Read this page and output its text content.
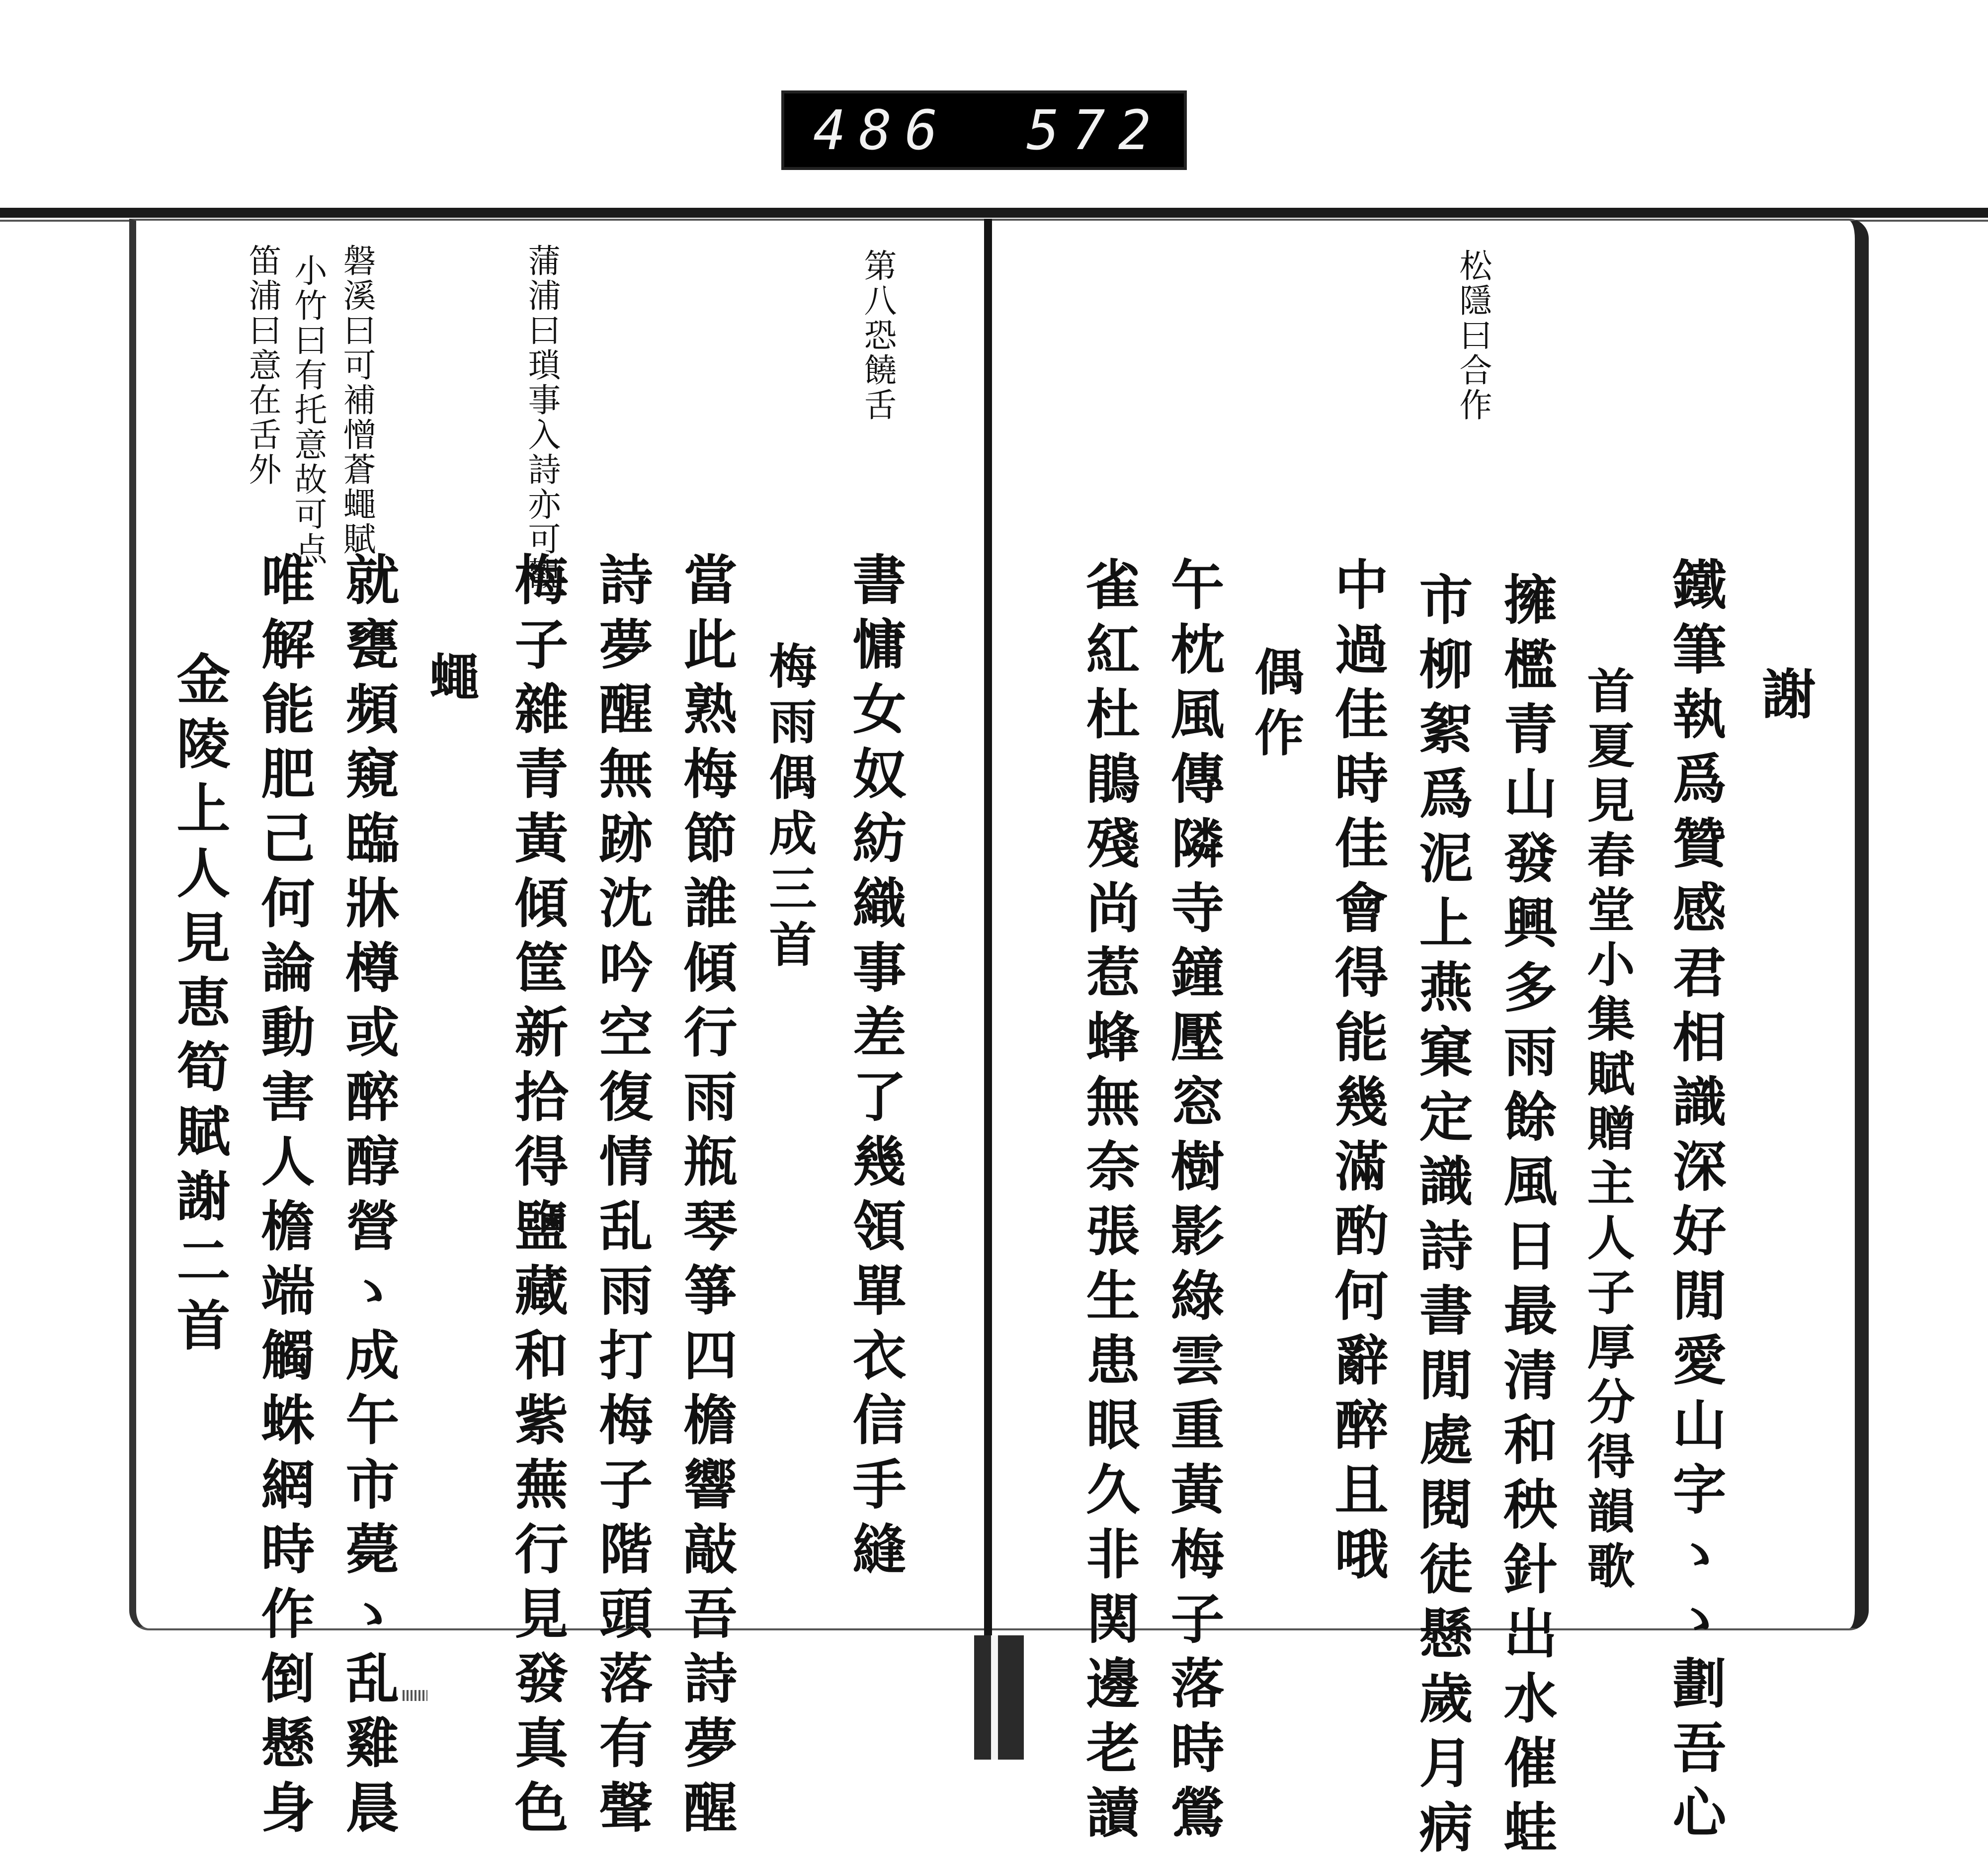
486 572
松隱曰合作
謝
鐵筆執爲贊感君相識深好閒愛山字ゝゝ劃吾心
首夏見春堂小集賦贈主人子厚分得韻歌
擁檻青山發興多雨餘風日最清和秧針出水催蛙
市柳絮爲泥上燕窠定識詩書閒處閱徒懸歲月病
中過佳時佳會得能幾滿酌何辭醉且哦
偶作
午枕風傳隣寺鐘壓窓樹影綠雲重黃梅子落時鶯
雀紅杜鵑殘尚惹蜂無奈張生患眼久非関邊老讀
第八恐饒舌
蒲浦曰瑣事入詩亦可觀
磐溪曰可補憎蒼蠅賦
小竹曰有托意故可点
笛浦曰意在舌外
書慵女奴紡織事差了幾領單衣信手縫
梅雨偶成三首
當此熟梅節誰傾行雨瓶琴箏四檐響敲吾詩夢醒
詩夢醒無跡沈吟空復情乱雨打梅子階頭落有聲
梅子雜青黃傾筐新拾得鹽藏和紫蕪行見發真色
蠅
就甕頻窺臨牀樽或醉醇營ゝ成午市薨ゝ乱雞晨
唯解能肥己何論動害人檐端觸蛛網時作倒懸身
金陵上人見恵筍賦謝二首
